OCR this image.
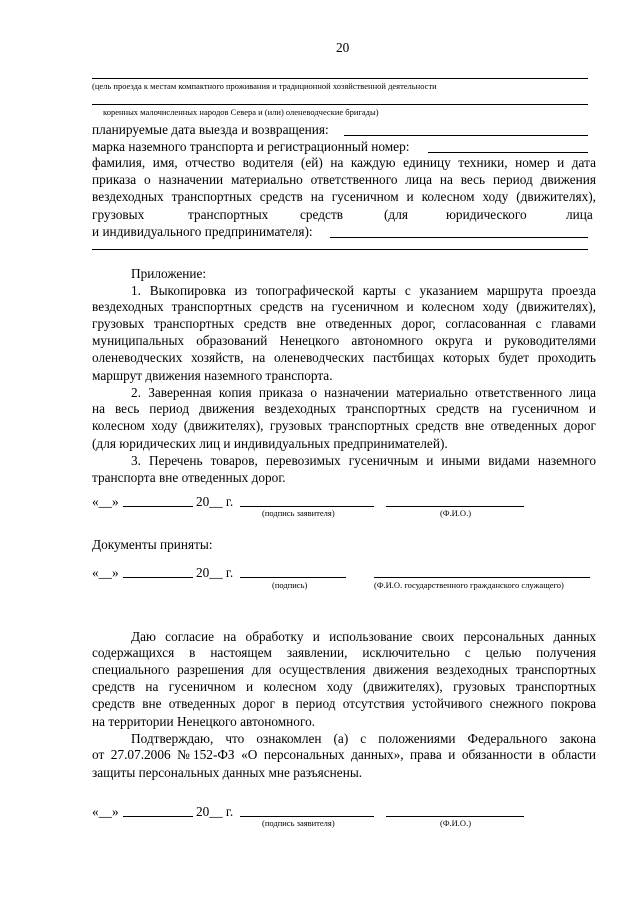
20
(цель проезда к местам компактного проживания и традиционной хозяйственной деятельности
коренных малочисленных народов Севера и (или) оленеводческие бригады)
планируемые дата выезда и возвращения:
марка наземного транспорта и регистрационный номер:
фамилия, имя, отчество водителя (ей) на каждую единицу техники, номер и дата
приказа о назначении материально ответственного лица на весь период движения
вездеходных транспортных средств на гусеничном и колесном ходу (движителях),
грузовых	транспортных средств	(для	юридического	лица
и индивидуального предпринимателя):
Приложение:
1. Выкопировка из топографической карты с указанием маршрута проезда
вездеходных транспортных средств на гусеничном и колесном ходу (движителях),
грузовых транспортных средств вне отведенных дорог, согласованная с главами
муниципальных образований Ненецкого автономного округа и руководителями
оленеводческих хозяйств, на оленеводческих пастбищах которых будет проходить
маршрут движения наземного транспорта.
2. Заверенная копия приказа о назначении материально ответственного лица
на весь период движения вездеходных транспортных средств на гусеничном и
колесном ходу (движителях), грузовых транспортных средств вне отведенных дорог
(для юридических лиц и индивидуальных предпринимателей).
3. Перечень товаров, перевозимых гусеничным и иными видами наземного
транспорта вне отведенных дорог.
«__»	20__ г.
(подпись заявителя)	(Ф.И.О.)
Документы приняты:
«__»	20__ г.
(подпись)	(Ф.И.О. государственного гражданского служащего)
Даю согласие на обработку и использование своих персональных данных
содержащихся в настоящем заявлении, исключительно с целью получения
специального разрешения для осуществления движения вездеходных транспортных
средств на гусеничном и колесном ходу (движителях), грузовых транспортных
средств вне отведенных дорог в период отсутствия устойчивого снежного покрова
на территории Ненецкого автономного.
Подтверждаю, что ознакомлен (а) с положениями Федерального закона
от 27.07.2006 №152-ФЗ «О персональных данных», права и обязанности в области
защиты персональных данных мне разъяснены.
«__»	20__ г.
(подпись заявителя)	(Ф.И.О.)
